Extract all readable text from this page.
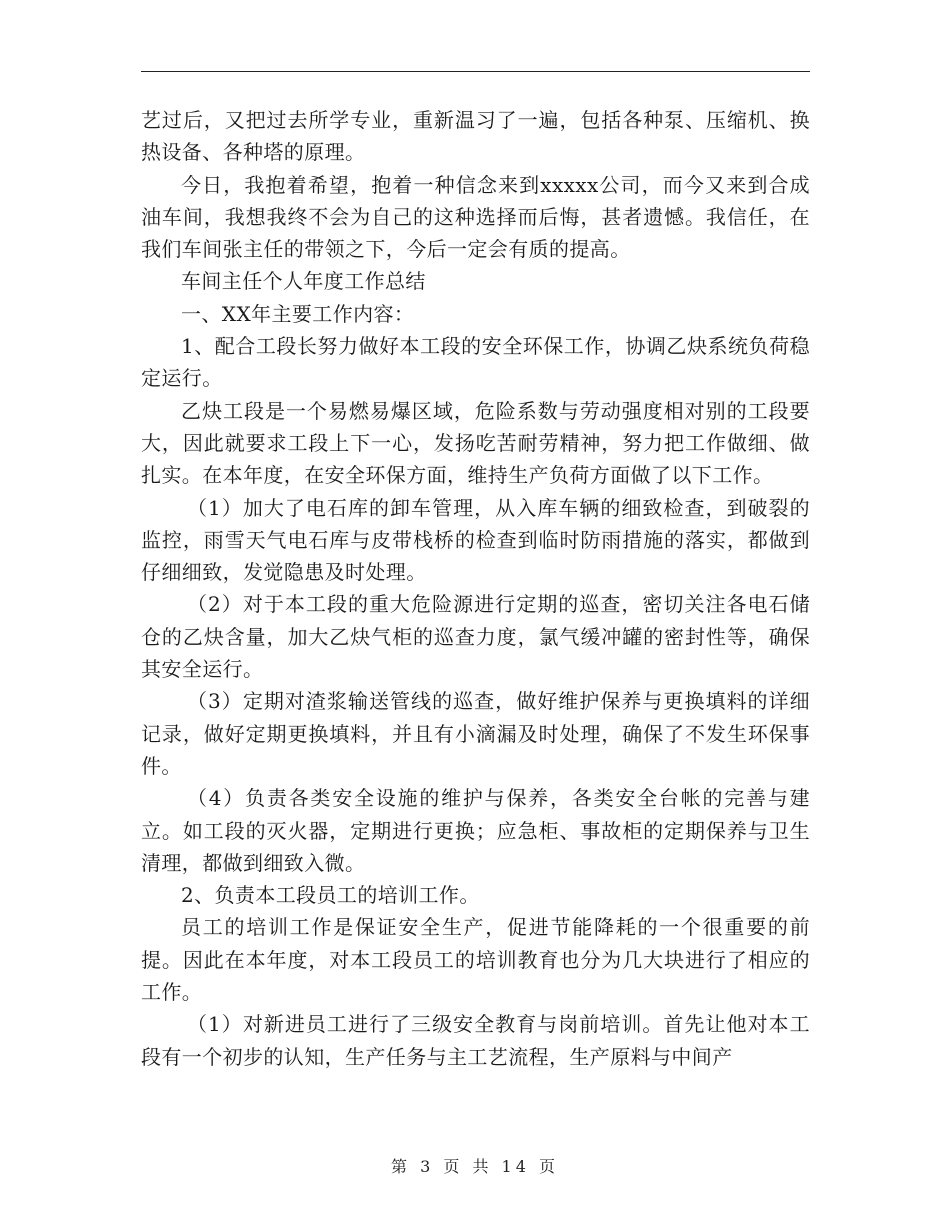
艺过后，又把过去所学专业，重新温习了一遍，包括各种泵、压缩机、换热设备、各种塔的原理。

今日，我抱着希望，抱着一种信念来到xxxxx公司，而今又来到合成油车间，我想我终不会为自己的这种选择而后悔，甚者遗憾。我信任，在我们车间张主任的带领之下，今后一定会有质的提高。

车间主任个人年度工作总结

一、XX年主要工作内容：

1、配合工段长努力做好本工段的安全环保工作，协调乙炔系统负荷稳定运行。

乙炔工段是一个易燃易爆区域，危险系数与劳动强度相对别的工段要大，因此就要求工段上下一心，发扬吃苦耐劳精神，努力把工作做细、做扎实。在本年度，在安全环保方面，维持生产负荷方面做了以下工作。

（1）加大了电石库的卸车管理，从入库车辆的细致检查，到破裂的监控，雨雪天气电石库与皮带栈桥的检查到临时防雨措施的落实，都做到仔细细致，发觉隐患及时处理。

（2）对于本工段的重大危险源进行定期的巡查，密切关注各电石储仓的乙炔含量，加大乙炔气柜的巡查力度，氯气缓冲罐的密封性等，确保其安全运行。

（3）定期对渣浆输送管线的巡查，做好维护保养与更换填料的详细记录，做好定期更换填料，并且有小滴漏及时处理，确保了不发生环保事件。

（4）负责各类安全设施的维护与保养，各类安全台帐的完善与建立。如工段的灭火器，定期进行更换；应急柜、事故柜的定期保养与卫生清理，都做到细致入微。

2、负责本工段员工的培训工作。

员工的培训工作是保证安全生产，促进节能降耗的一个很重要的前提。因此在本年度，对本工段员工的培训教育也分为几大块进行了相应的工作。

（1）对新进员工进行了三级安全教育与岗前培训。首先让他对本工段有一个初步的认知，生产任务与主工艺流程，生产原料与中间产

第 3 页 共 14 页
